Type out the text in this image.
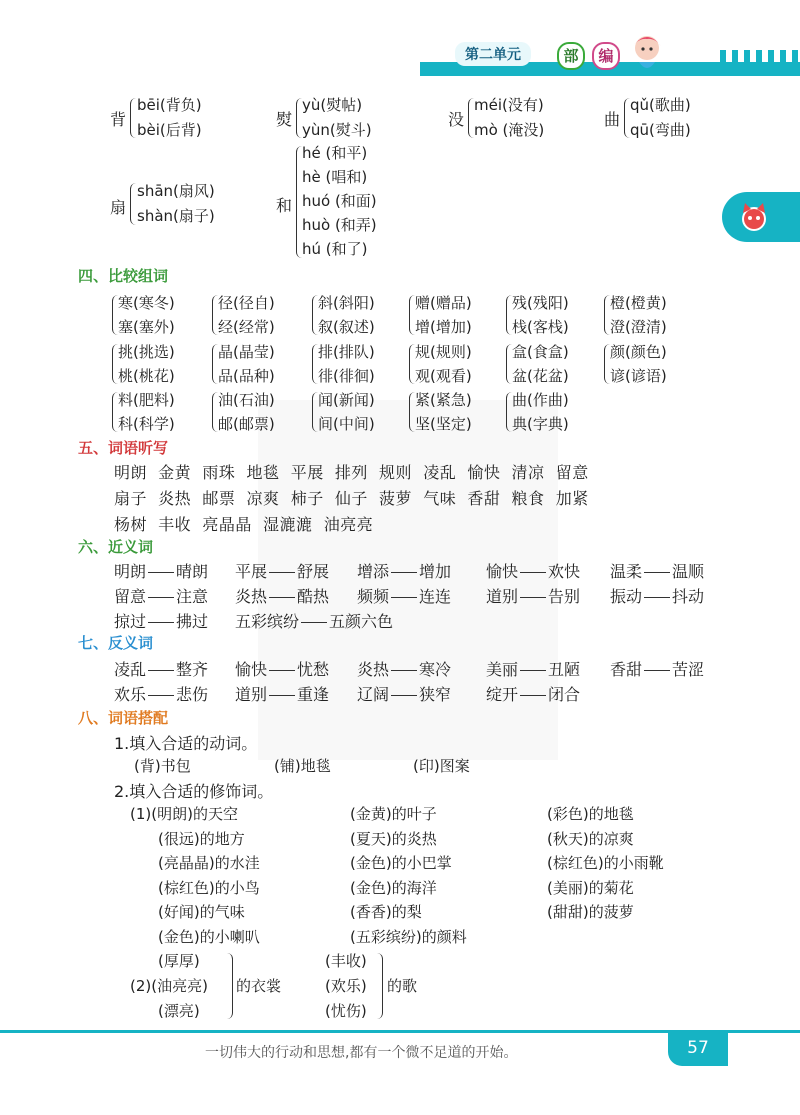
第二单元	部	编
背
bēi(背负)
bèi(后背)
熨
yù(熨帖)
yùn(熨斗)
没
méi(没有)
mò (淹没)
曲
qǔ(歌曲)
qū(弯曲)
扇
shān(扇风)
shàn(扇子)
和
hé (和平)
hè (唱和)
huó (和面)
huò (和弄)
hú (和了)
四、比较组词
五、词语听写
明朗  金黄  雨珠  地毯  平展  排列  规则  凌乱  愉快  清凉  留意
扇子  炎热  邮票  凉爽  柿子  仙子  菠萝  气味  香甜  粮食  加紧
杨树  丰收  亮晶晶  湿漉漉  油亮亮
六、近义词
七、反义词
八、词语搭配
1.填入合适的动词。
(背)书包	(铺)地毯	(印)图案
2.填入合适的修饰词。
(厚厚)
(2)(油亮亮)
(漂亮)
的衣裳
(丰收)
(欢乐)
(忧伤)
的歌
一切伟大的行动和思想,都有一个微不足道的开始。	57
寒(寒冬)	径(径自)	斜(斜阳)	赠(赠品)	残(残阳)	橙(橙黄)
塞(塞外)	经(经常)	叙(叙述)	增(增加)	栈(客栈)	澄(澄清)
挑(挑选)	晶(晶莹)	排(排队)	规(规则)	盒(食盒)	颜(颜色)
桃(桃花)	品(品种)	徘(徘徊)	观(观看)	盆(花盆)	谚(谚语)
料(肥料)	油(石油)	闻(新闻)	紧(紧急)	曲(作曲)
科(科学)	邮(邮票)	间(中间)	坚(坚定)	典(字典)
明朗 晴朗 平展 舒展 增添 增加 愉快 欢快 温柔 温顺
留意 注意 炎热 酷热 频频 连连 道别 告别 振动 抖动
掠过 拂过 五彩缤纷 五颜六色
凌乱 整齐 愉快 忧愁 炎热 寒冷 美丽 丑陋 香甜 苦涩
欢乐 悲伤 道别 重逢 辽阔 狭窄 绽开 闭合
(1)(明朗)的天空	(金黄)的叶子	(彩色)的地毯
(很远)的地方	(夏天)的炎热	(秋天)的凉爽
(亮晶晶)的水洼	(金色)的小巴掌	(棕红色)的小雨靴
(棕红色)的小鸟	(金色)的海洋	(美丽)的菊花
(好闻)的气味	(香香)的梨	(甜甜)的菠萝
(金色)的小喇叭	(五彩缤纷)的颜料
